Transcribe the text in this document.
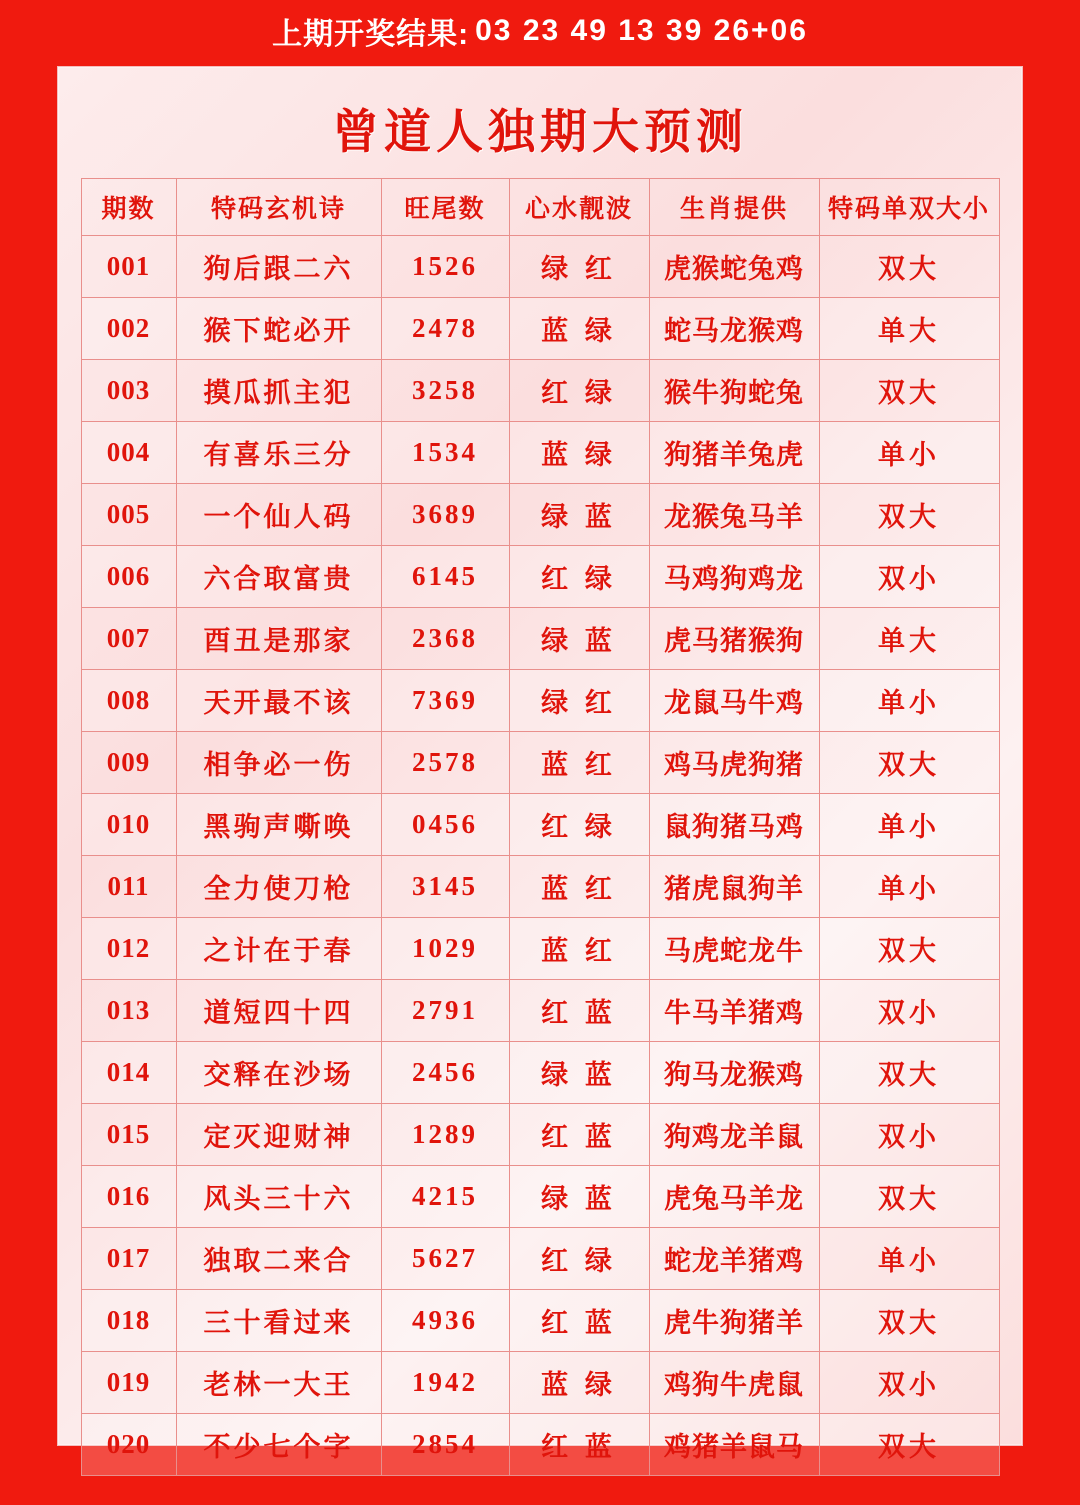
上期开奖结果: 03 23 49 13 39 26+06
曾道人独期大预测
期数	特码玄机诗	旺尾数	心水靓波	生肖提供	特码单双大小
001	狗后跟二六	1526	绿 红	虎猴蛇兔鸡	双大
002	猴下蛇必开	2478	蓝 绿	蛇马龙猴鸡	单大
003	摸瓜抓主犯	3258	红 绿	猴牛狗蛇兔	双大
004	有喜乐三分	1534	蓝 绿	狗猪羊兔虎	单小
005	一个仙人码	3689	绿 蓝	龙猴兔马羊	双大
006	六合取富贵	6145	红 绿	马鸡狗鸡龙	双小
007	酉丑是那家	2368	绿 蓝	虎马猪猴狗	单大
008	天开最不该	7369	绿 红	龙鼠马牛鸡	单小
009	相争必一伤	2578	蓝 红	鸡马虎狗猪	双大
010	黑驹声嘶唤	0456	红 绿	鼠狗猪马鸡	单小
011	全力使刀枪	3145	蓝 红	猪虎鼠狗羊	单小
012	之计在于春	1029	蓝 红	马虎蛇龙牛	双大
013	道短四十四	2791	红 蓝	牛马羊猪鸡	双小
014	交释在沙场	2456	绿 蓝	狗马龙猴鸡	双大
015	定灭迎财神	1289	红 蓝	狗鸡龙羊鼠	双小
016	风头三十六	4215	绿 蓝	虎兔马羊龙	双大
017	独取二来合	5627	红 绿	蛇龙羊猪鸡	单小
018	三十看过来	4936	红 蓝	虎牛狗猪羊	双大
019	老林一大王	1942	蓝 绿	鸡狗牛虎鼠	双小
020	不少七个字	2854	红 蓝	鸡猪羊鼠马	双大
